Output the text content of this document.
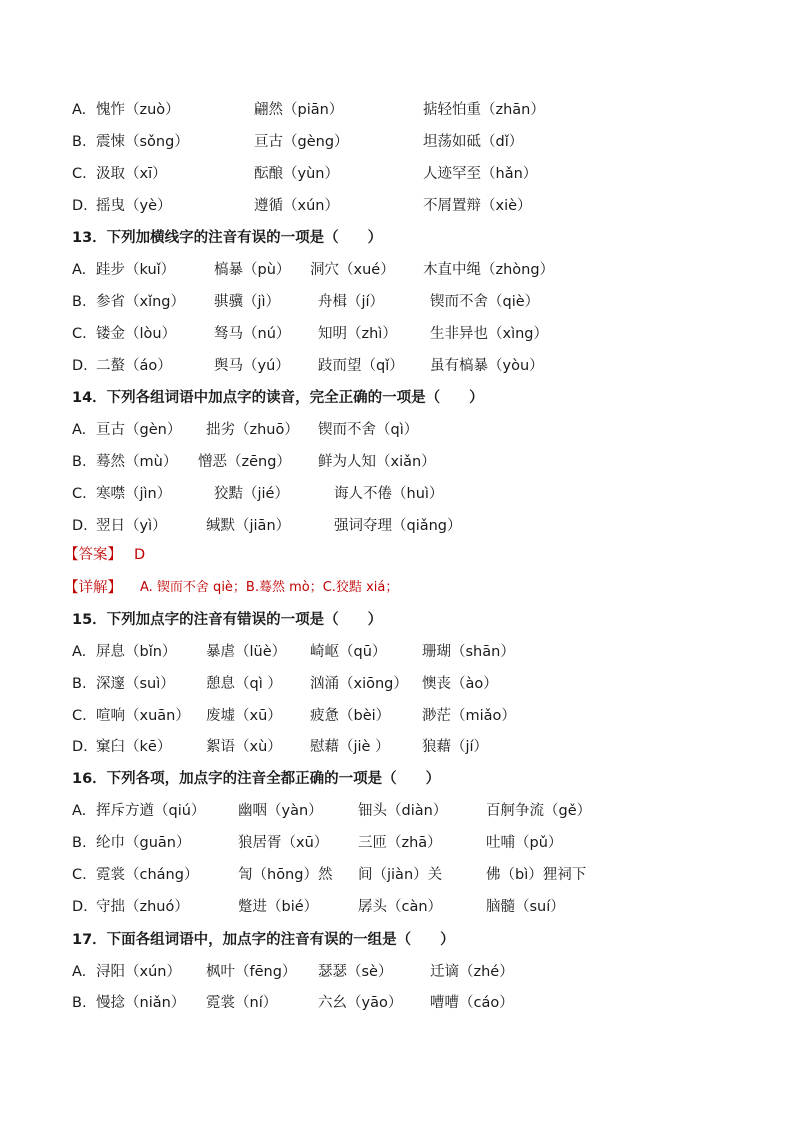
A. 愧怍（zuò）	翩然（piān）	掂轻怕重（zhān）
B. 震悚（sǒng）	亘古（gèng）	坦荡如砥（dǐ）
C. 汲取（xī）	酝酿（yùn）	人迹罕至（hǎn）
D. 摇曳（yè）	遵循（xún）	不屑置辩（xiè）
13．下列加横线字的注音有误的一项是（　　）
A. 跬步（kuǐ）	槁暴（pù） 洞穴（xué） 木直中绳（zhòng）
B. 参省（xǐng） 骐骥（jì）	舟楫（jí）	锲而不舍（qiè）
C. 镂金（lòu）	驽马（nú） 知明（zhì） 生非异也（xìng）
D. 二螯（áo）	舆马（yú） 跂而望（qǐ） 虽有槁暴（yòu）
14．下列各组词语中加点字的读音，完全正确的一项是（　　）
A. 亘古（gèn） 拙劣（zhuō） 锲而不舍（qì）
B. 蓦然（mù） 憎恶（zēng） 鲜为人知（xiǎn）
C. 寒噤（jìn）	狡黠（jié）	诲人不倦（huì）
D. 翌日（yì）	缄默（jiān）	强词夺理（qiǎng）
【答案】 D
【详解】 A. 锲而不舍 qiè；B.蓦然 mò；C.狡黠 xiá；
15．下列加点字的注音有错误的一项是（　　）
A. 屏息（bǐn） 暴虐（lüè） 崎岖（qū） 珊瑚（shān）
B. 深邃（suì） 憩息（qì ） 汹涌（xiōng） 懊丧（ào）
C. 喧响（xuān） 废墟（xū） 疲惫（bèi） 渺茫（miǎo）
D. 窠臼（kē） 絮语（xù） 慰藉（jiè ） 狼藉（jí）
16．下列各项，加点字的注音全都正确的一项是（　　）
A. 挥斥方遒（qiú） 幽咽（yàn） 钿头（diàn）	百舸争流（gě）
B. 纶巾（guān）	狼居胥（xū） 三匝（zhā）	吐哺（pǔ）
C. 霓裳（cháng）	訇（hōng）然 间（jiàn）关	佛（bì）狸祠下
D. 守拙（zhuó）	蹩进（bié）	孱头（càn）	脑髓（suí）
17．下面各组词语中，加点字的注音有误的一组是（　　）
A. 浔阳（xún） 枫叶（fēng） 瑟瑟（sè）	迁谪（zhé）
B. 慢捻（niǎn） 霓裳（ní）	六幺（yāo） 嘈嘈（cáo）
